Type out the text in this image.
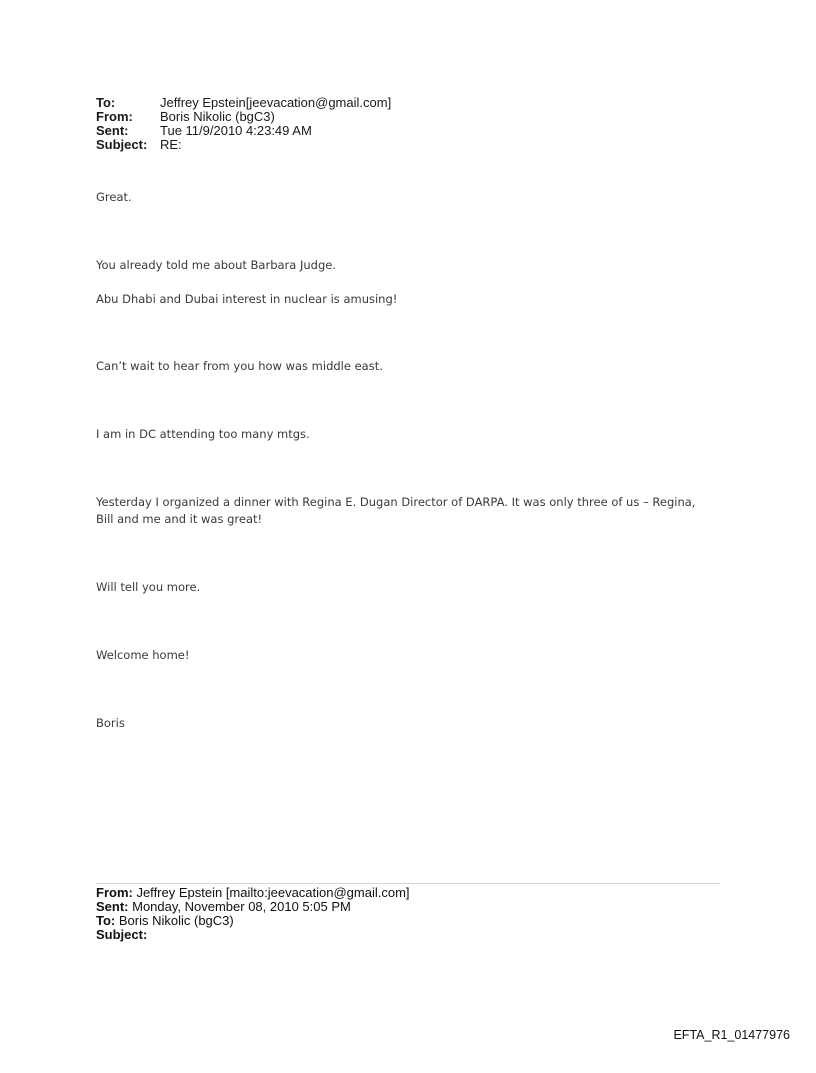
To:	Jeffrey Epstein[jeevacation@gmail.com]
From:	Boris Nikolic (bgC3)
Sent:	Tue 11/9/2010 4:23:49 AM
Subject: RE:
Great.
You already told me about Barbara Judge.
Abu Dhabi and Dubai interest in nuclear is amusing!
Can’t wait to hear from you how was middle east.
I am in DC attending too many mtgs.
Yesterday I organized a dinner with Regina E. Dugan Director of DARPA. It was only three of us – Regina,
Bill and me and it was great!
Will tell you more.
Welcome home!
Boris
From: Jeffrey Epstein [mailto:jeevacation@gmail.com]
Sent: Monday, November 08, 2010 5:05 PM
To: Boris Nikolic (bgC3)
Subject:
EFTA_R1_01477976
